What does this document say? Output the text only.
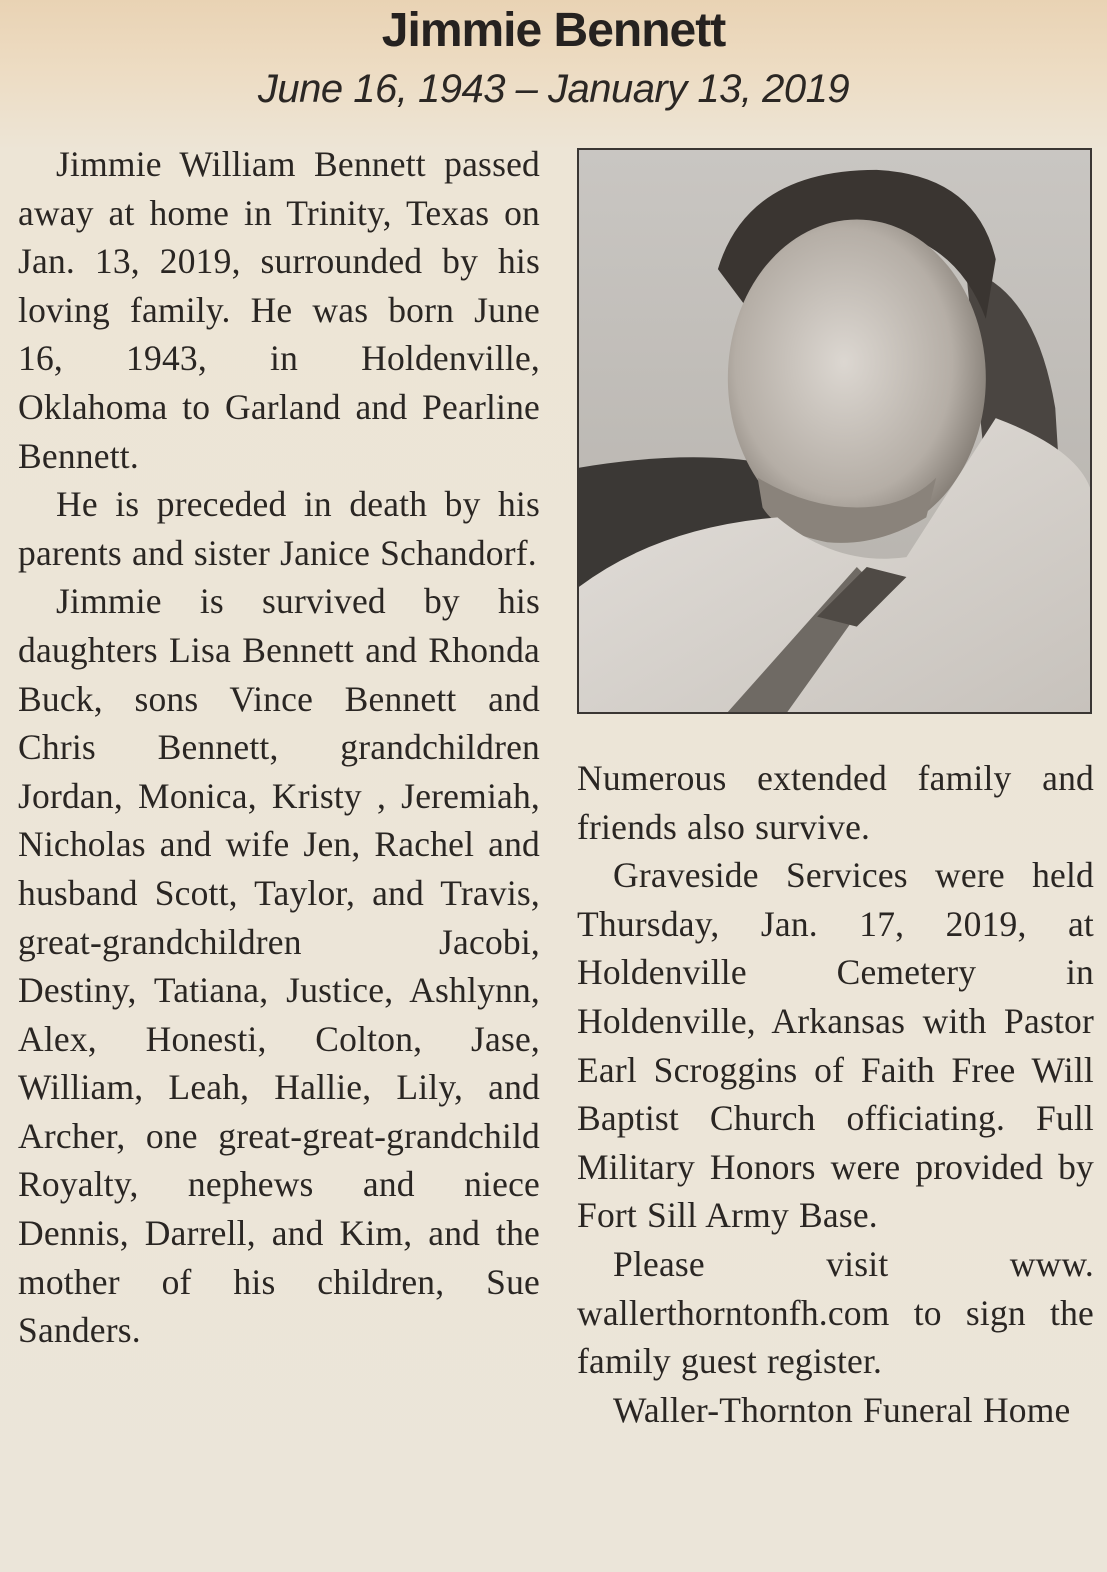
Jimmie Bennett
June 16, 1943 – January 13, 2019

Jimmie William Bennett passed away at home in Trinity, Texas on Jan. 13, 2019, surrounded by his loving family. He was born June 16, 1943, in Holdenville, Oklahoma to Garland and Pearline Bennett.

He is preceded in death by his parents and sister Janice Schandorf.

Jimmie is survived by his daughters Lisa Bennett and Rhonda Buck, sons Vince Bennett and Chris Bennett, grandchildren Jordan, Monica, Kristy , Jeremiah, Nicholas and wife Jen, Rachel and husband Scott, Taylor, and Travis, great-grandchildren Jacobi, Destiny, Tatiana, Justice, Ashlynn, Alex, Honesti, Colton, Jase, William, Leah, Hallie, Lily, and Archer, one great-great-grandchild Royalty, nephews and niece Dennis, Darrell, and Kim, and the mother of his children, Sue Sanders.

Numerous extended family and friends also survive.

Graveside Services were held Thursday, Jan. 17, 2019, at Holdenville Cemetery in Holdenville, Arkansas with Pastor Earl Scroggins of Faith Free Will Baptist Church officiating. Full Military Honors were provided by Fort Sill Army Base.

Please visit www. wallerthorntonfh.com to sign the family guest register.

Waller-Thornton Funeral Home
